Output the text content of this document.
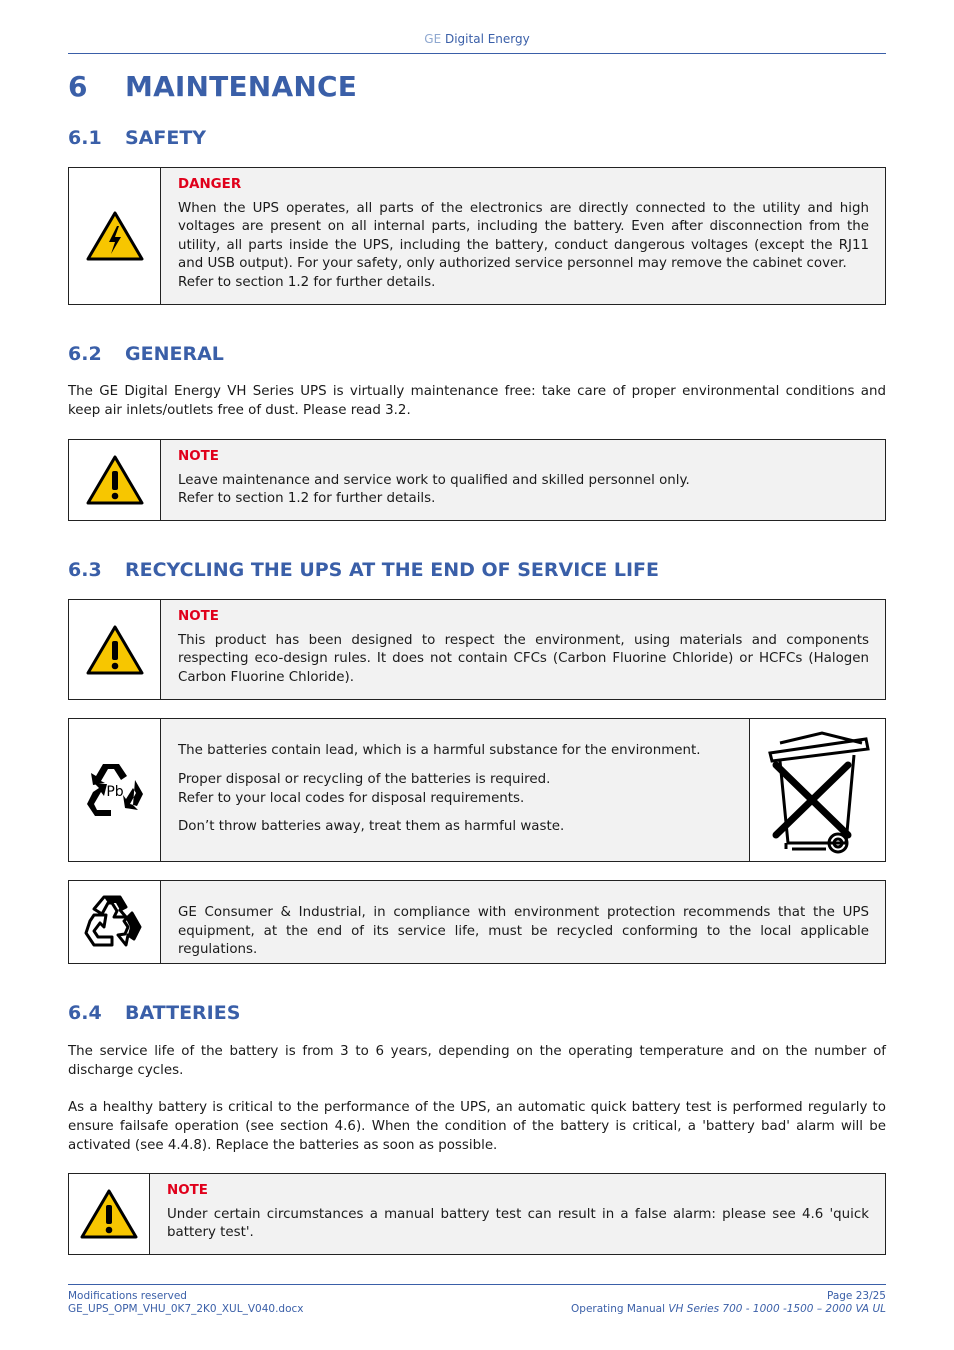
GE Digital Energy
6 MAINTENANCE
6.1 SAFETY
DANGER
When the UPS operates, all parts of the electronics are directly connected to the utility and high voltages are present on all internal parts, including the battery. Even after disconnection from the utility, all parts inside the UPS, including the battery, conduct dangerous voltages (except the RJ11 and USB output). For your safety, only authorized service personnel may remove the cabinet cover.
Refer to section 1.2 for further details.
6.2 GENERAL

The GE Digital Energy VH Series UPS is virtually maintenance free: take care of proper environmental conditions and keep air inlets/outlets free of dust. Please read 3.2.

NOTE
Leave maintenance and service work to qualified and skilled personnel only.
Refer to section 1.2 for further details.
6.3 RECYCLING THE UPS AT THE END OF SERVICE LIFE
NOTE
This product has been designed to respect the environment, using materials and components respecting eco-design rules. It does not contain CFCs (Carbon Fluorine Chloride) or HCFCs (Halogen Carbon Fluorine Chloride).
Pb
The batteries contain lead, which is a harmful substance for the environment.
Proper disposal or recycling of the batteries is required.
Refer to your local codes for disposal requirements.
Don’t throw batteries away, treat them as harmful waste.
GE Consumer & Industrial, in compliance with environment protection recommends that the UPS equipment, at the end of its service life, must be recycled conforming to the local applicable regulations.
6.4 BATTERIES

The service life of the battery is from 3 to 6 years, depending on the operating temperature and on the number of discharge cycles.

As a healthy battery is critical to the performance of the UPS, an automatic quick battery test is performed regularly to ensure failsafe operation (see section 4.6). When the condition of the battery is critical, a 'battery bad' alarm will be activated (see 4.4.8). Replace the batteries as soon as possible.

NOTE
Under certain circumstances a manual battery test can result in a false alarm: please see 4.6 'quick battery test'.
Modifications reserved
GE_UPS_OPM_VHU_0K7_2K0_XUL_V040.docx
Page 23/25
Operating Manual VH Series 700 - 1000 -1500 – 2000 VA UL
